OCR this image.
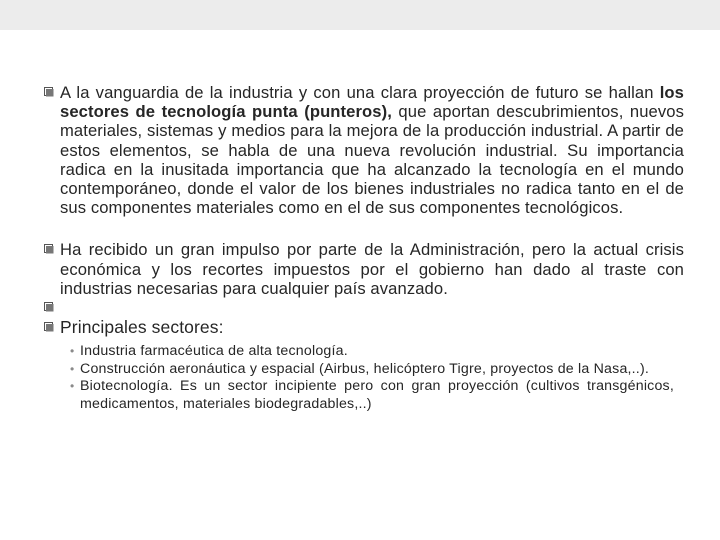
A la vanguardia de la industria y con una clara proyección de futuro se hallan los sectores de tecnología punta (punteros), que aportan descubrimientos, nuevos materiales, sistemas y medios para la mejora de la producción industrial. A partir de estos elementos, se habla de una nueva revolución industrial. Su importancia radica en la inusitada importancia que ha alcanzado la tecnología en el mundo contemporáneo, donde el valor de los bienes industriales no radica tanto en el de sus componentes materiales como en el de sus componentes tecnológicos.
Ha recibido un gran impulso por parte de la Administración, pero la actual crisis económica y los recortes impuestos por el gobierno han dado al traste con industrias necesarias para cualquier país avanzado.
Principales sectores:
• Industria farmacéutica de alta tecnología.
• Construcción aeronáutica y espacial (Airbus, helicóptero Tigre, proyectos de la Nasa,..).
• Biotecnología. Es un sector incipiente pero con gran proyección (cultivos transgénicos, medicamentos, materiales biodegradables,..)
